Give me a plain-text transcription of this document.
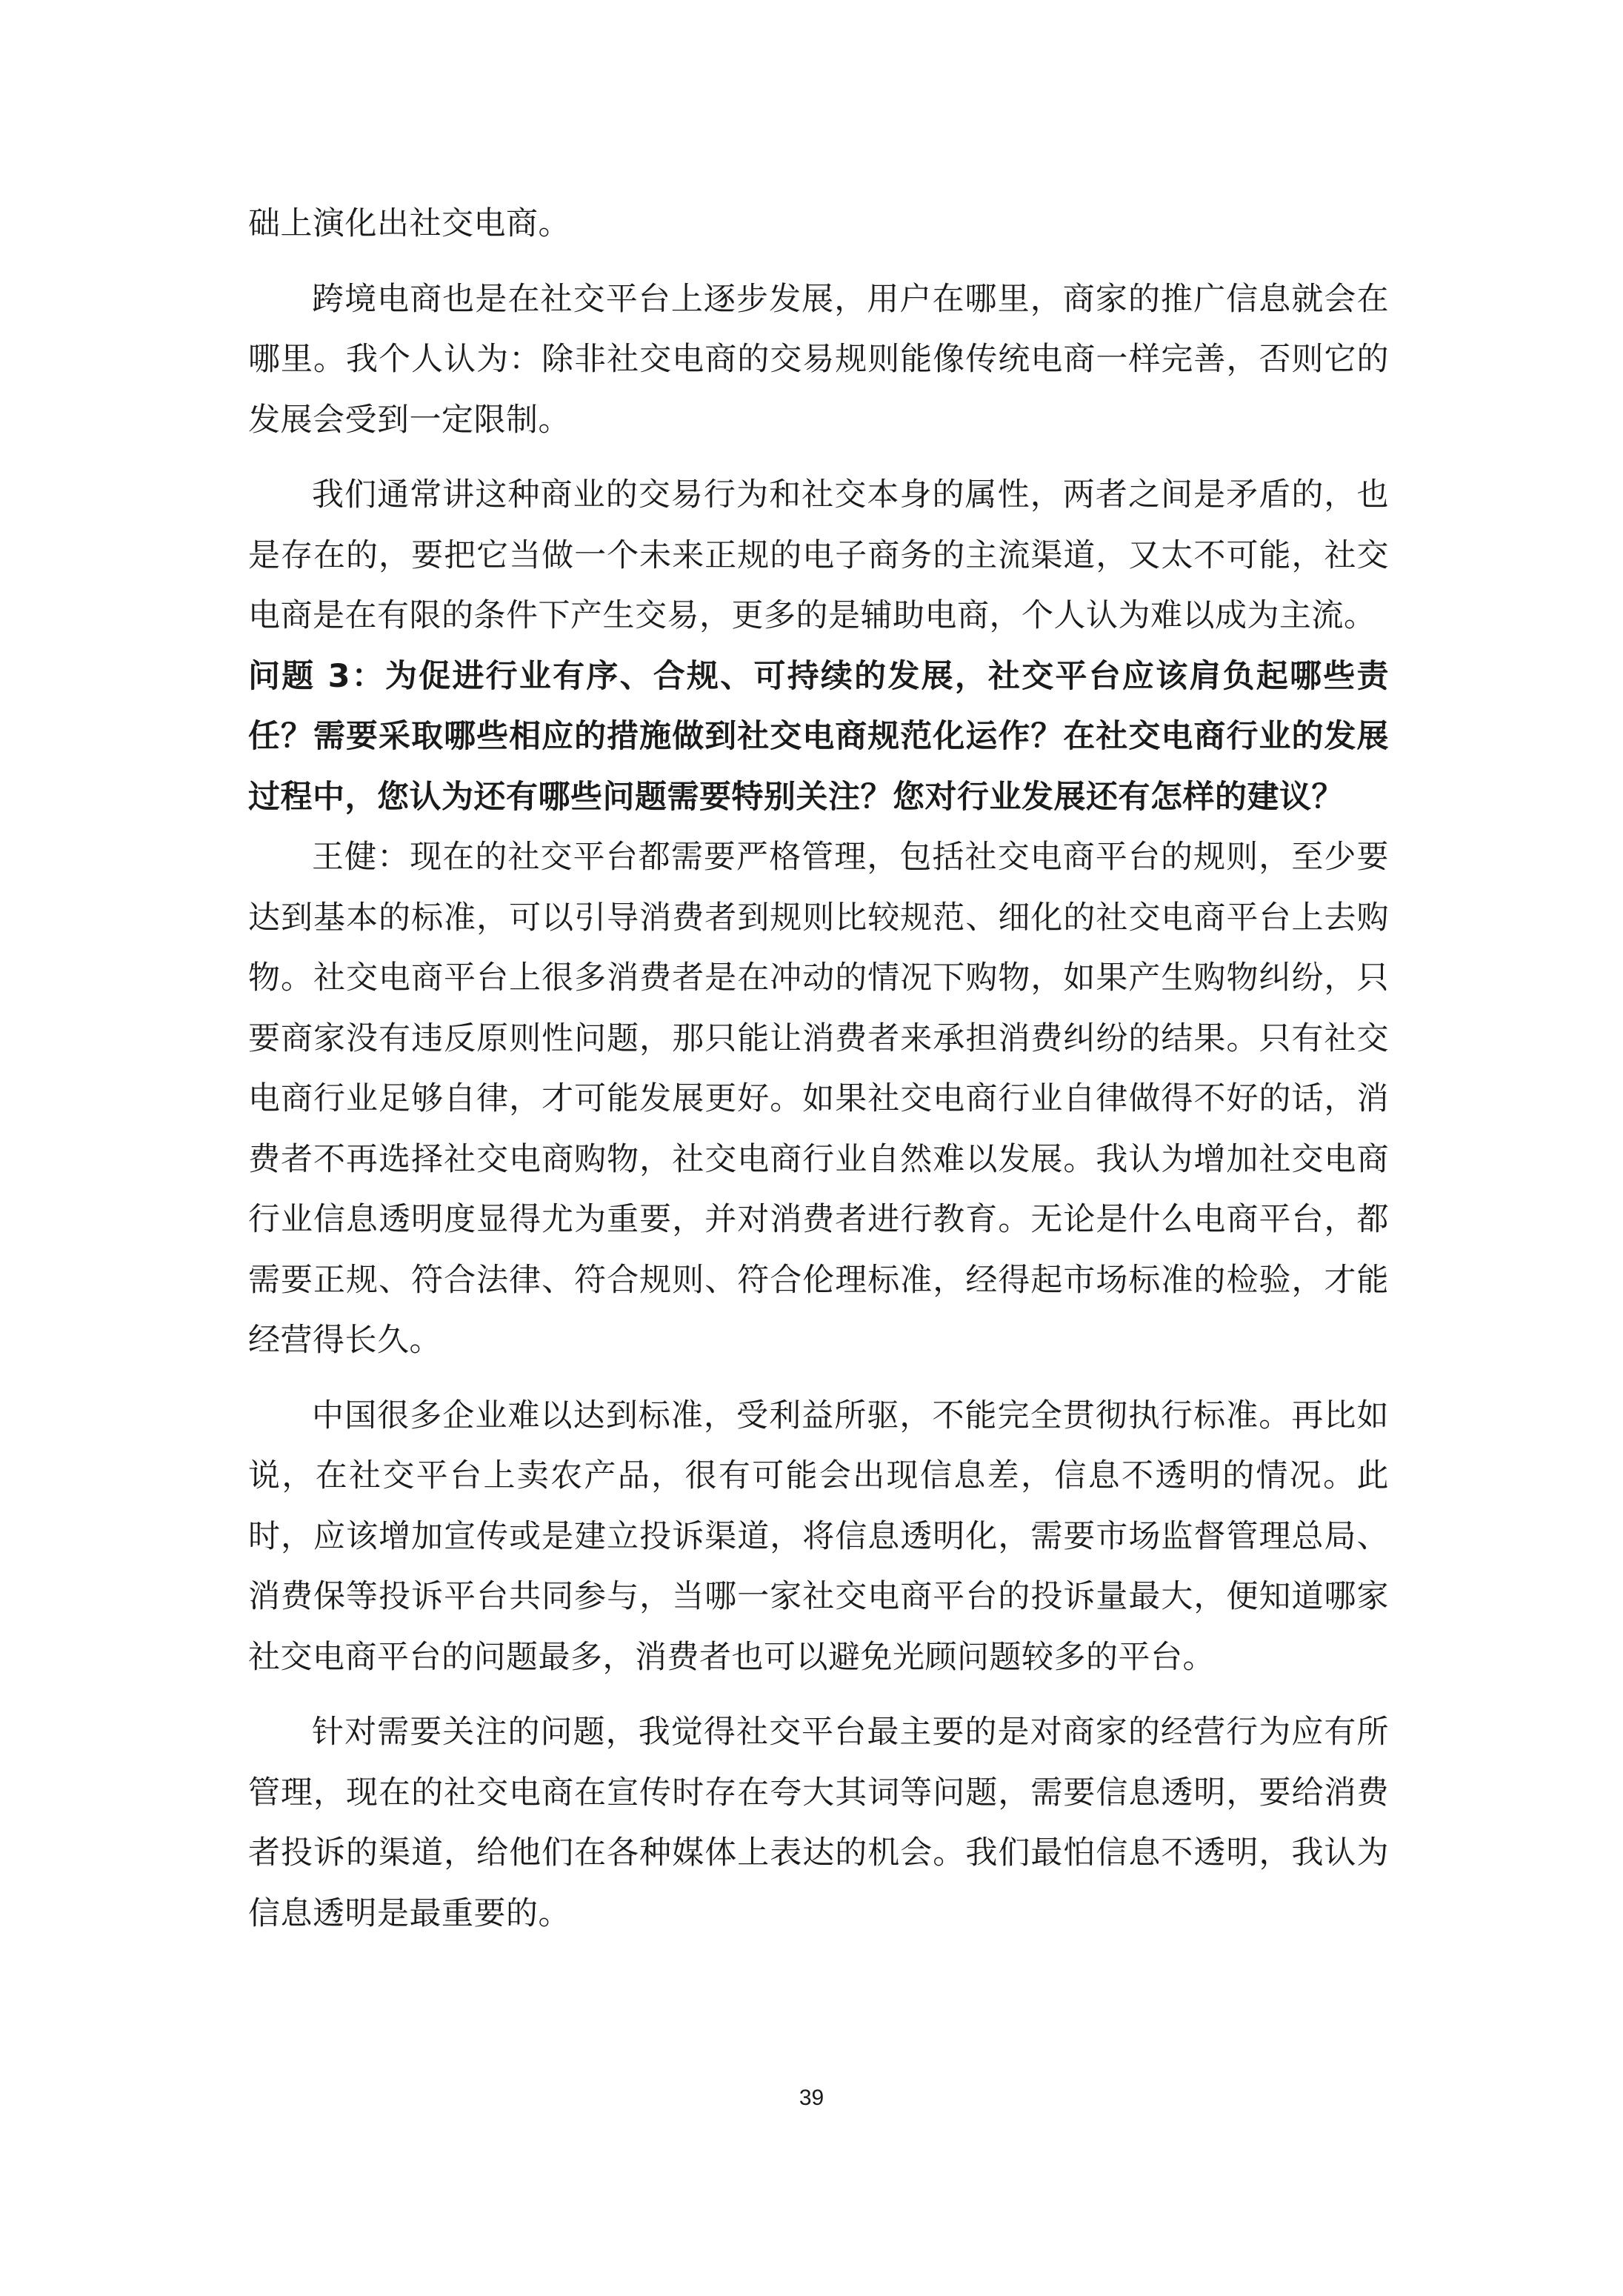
础上演化出社交电商。

跨境电商也是在社交平台上逐步发展，用户在哪里，商家的推广信息就会在哪里。我个人认为：除非社交电商的交易规则能像传统电商一样完善，否则它的发展会受到一定限制。

我们通常讲这种商业的交易行为和社交本身的属性，两者之间是矛盾的，也是存在的，要把它当做一个未来正规的电子商务的主流渠道，又太不可能，社交电商是在有限的条件下产生交易，更多的是辅助电商，个人认为难以成为主流。

问题 3：为促进行业有序、合规、可持续的发展，社交平台应该肩负起哪些责任？需要采取哪些相应的措施做到社交电商规范化运作？在社交电商行业的发展过程中，您认为还有哪些问题需要特别关注？您对行业发展还有怎样的建议？

王健：现在的社交平台都需要严格管理，包括社交电商平台的规则，至少要达到基本的标准，可以引导消费者到规则比较规范、细化的社交电商平台上去购物。社交电商平台上很多消费者是在冲动的情况下购物，如果产生购物纠纷，只要商家没有违反原则性问题，那只能让消费者来承担消费纠纷的结果。只有社交电商行业足够自律，才可能发展更好。如果社交电商行业自律做得不好的话，消费者不再选择社交电商购物，社交电商行业自然难以发展。我认为增加社交电商行业信息透明度显得尤为重要，并对消费者进行教育。无论是什么电商平台，都需要正规、符合法律、符合规则、符合伦理标准，经得起市场标准的检验，才能经营得长久。

中国很多企业难以达到标准，受利益所驱，不能完全贯彻执行标准。再比如说，在社交平台上卖农产品，很有可能会出现信息差，信息不透明的情况。此时，应该增加宣传或是建立投诉渠道，将信息透明化，需要市场监督管理总局、消费保等投诉平台共同参与，当哪一家社交电商平台的投诉量最大，便知道哪家社交电商平台的问题最多，消费者也可以避免光顾问题较多的平台。

针对需要关注的问题，我觉得社交平台最主要的是对商家的经营行为应有所管理，现在的社交电商在宣传时存在夸大其词等问题，需要信息透明，要给消费者投诉的渠道，给他们在各种媒体上表达的机会。我们最怕信息不透明，我认为信息透明是最重要的。

39
